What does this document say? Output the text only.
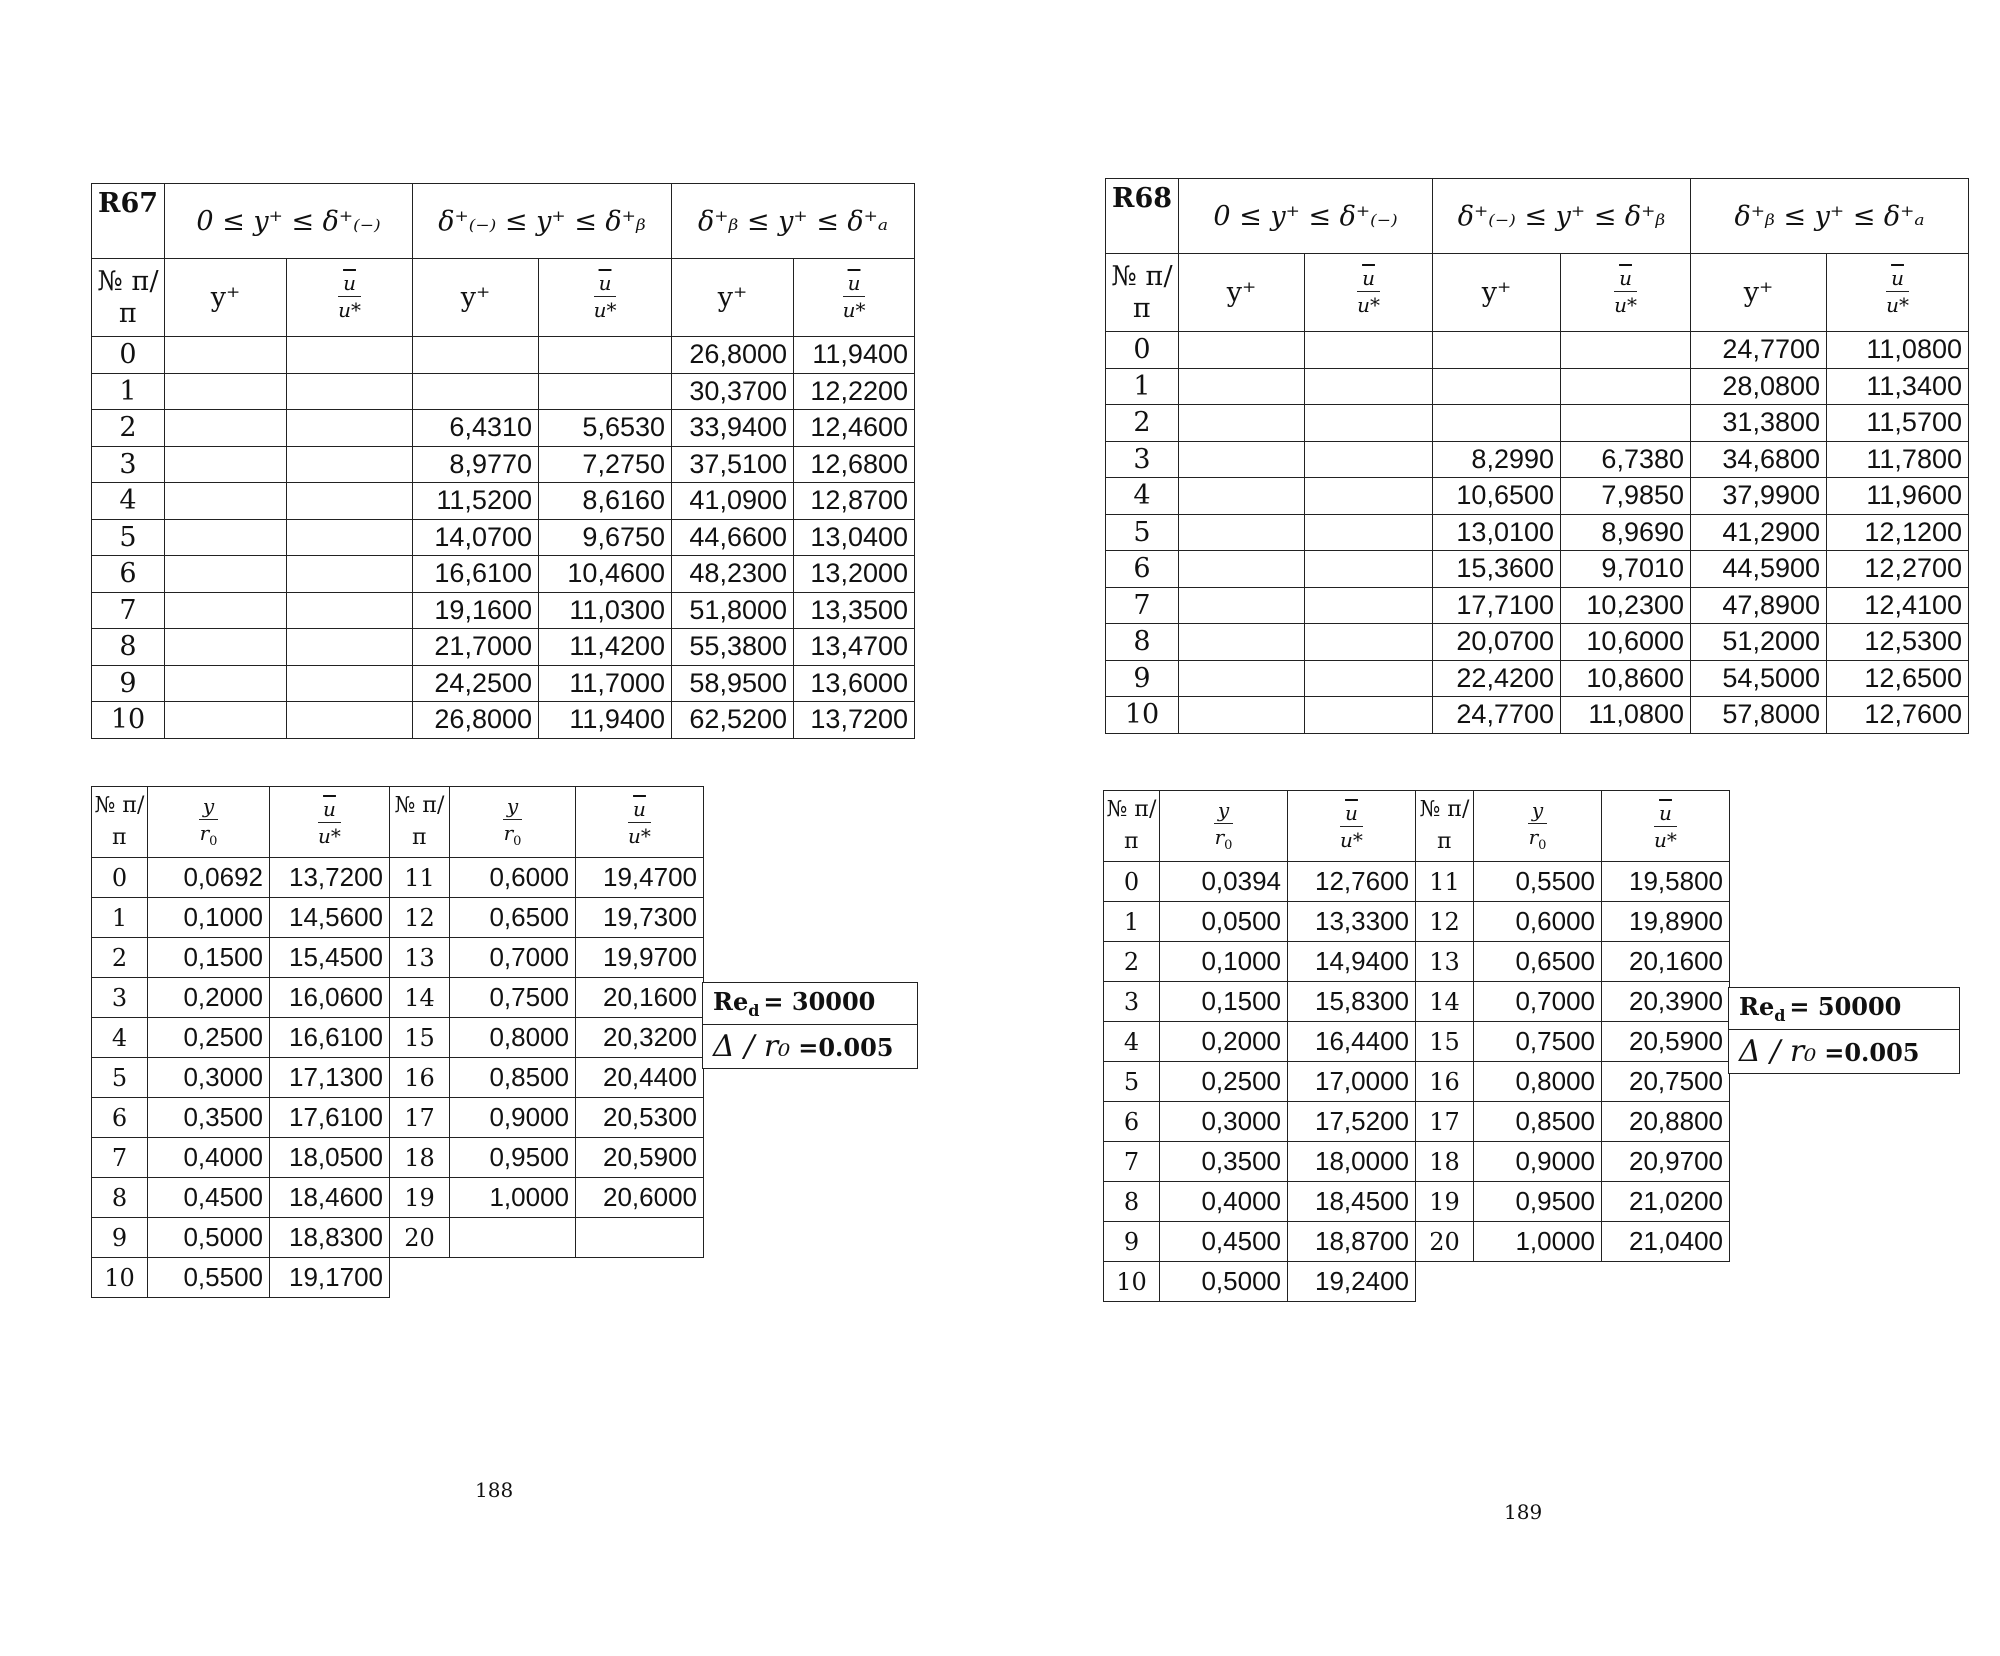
R67	0 ≤ y⁺ ≤ δ⁺₍₋₎		δ⁺₍₋₎ ≤ y⁺ ≤ δ⁺ᵦ		δ⁺ᵦ ≤ y⁺ ≤ δ⁺ₐ	
№ п/п	y⁺	$\frac{\overline{u}}{u*}$	y⁺	$\frac{\overline{u}}{u*}$	y⁺	$\frac{\overline{u}}{u*}$

0					26,8000	11,9400
1					30,3700	12,2200
2			6,4310	5,6530	33,9400	12,4600
3			8,9770	7,2750	37,5100	12,6800
4			11,5200	8,6160	41,0900	12,8700
5			14,0700	9,6750	44,6600	13,0400
6			16,6100	10,4600	48,2300	13,2000
7			19,1600	11,0300	51,8000	13,3500
8			21,7000	11,4200	55,3800	13,4700
9			24,2500	11,7000	58,9500	13,6000
10			26,8000	11,9400	62,5200	13,7200
№ п/п	$\frac{y}{r_0}$	$\frac{\overline{u}}{u*}$	№ п/п	$\frac{y}{r_0}$	$\frac{\overline{u}}{u*}$

0	0,0692	13,7200	11	0,6000	19,4700
1	0,1000	14,5600	12	0,6500	19,7300
2	0,1500	15,4500	13	0,7000	19,9700
3	0,2000	16,0600	14	0,7500	20,1600
4	0,2500	16,6100	15	0,8000	20,3200
5	0,3000	17,1300	16	0,8500	20,4400
6	0,3500	17,6100	17	0,9000	20,5300
7	0,4000	18,0500	18	0,9500	20,5900
8	0,4500	18,4600	19	1,0000	20,6000
9	0,5000	18,8300	20		
10	0,5500	19,1700			
$Re_d = 30000$
Δ / r₀ =0.005
188
R68	0 ≤ y⁺ ≤ δ⁺₍₋₎		δ⁺₍₋₎ ≤ y⁺ ≤ δ⁺ᵦ		δ⁺ᵦ ≤ y⁺ ≤ δ⁺ₐ	
№ п/п	y⁺	$\frac{\overline{u}}{u*}$	y⁺	$\frac{\overline{u}}{u*}$	y⁺	$\frac{\overline{u}}{u*}$

0					24,7700	11,0800
1					28,0800	11,3400
2					31,3800	11,5700
3			8,2990	6,7380	34,6800	11,7800
4			10,6500	7,9850	37,9900	11,9600
5			13,0100	8,9690	41,2900	12,1200
6			15,3600	9,7010	44,5900	12,2700
7			17,7100	10,2300	47,8900	12,4100
8			20,0700	10,6000	51,2000	12,5300
9			22,4200	10,8600	54,5000	12,6500
10			24,7700	11,0800	57,8000	12,7600
№ п/п	$\frac{y}{r_0}$	$\frac{\overline{u}}{u*}$	№ п/п	$\frac{y}{r_0}$	$\frac{\overline{u}}{u*}$

0	0,0394	12,7600	11	0,5500	19,5800
1	0,0500	13,3300	12	0,6000	19,8900
2	0,1000	14,9400	13	0,6500	20,1600
3	0,1500	15,8300	14	0,7000	20,3900
4	0,2000	16,4400	15	0,7500	20,5900
5	0,2500	17,0000	16	0,8000	20,7500
6	0,3000	17,5200	17	0,8500	20,8800
7	0,3500	18,0000	18	0,9000	20,9700
8	0,4000	18,4500	19	0,9500	21,0200
9	0,4500	18,8700	20	1,0000	21,0400
10	0,5000	19,2400			
$Re_d = 50000$
Δ / r₀ =0.005
189
